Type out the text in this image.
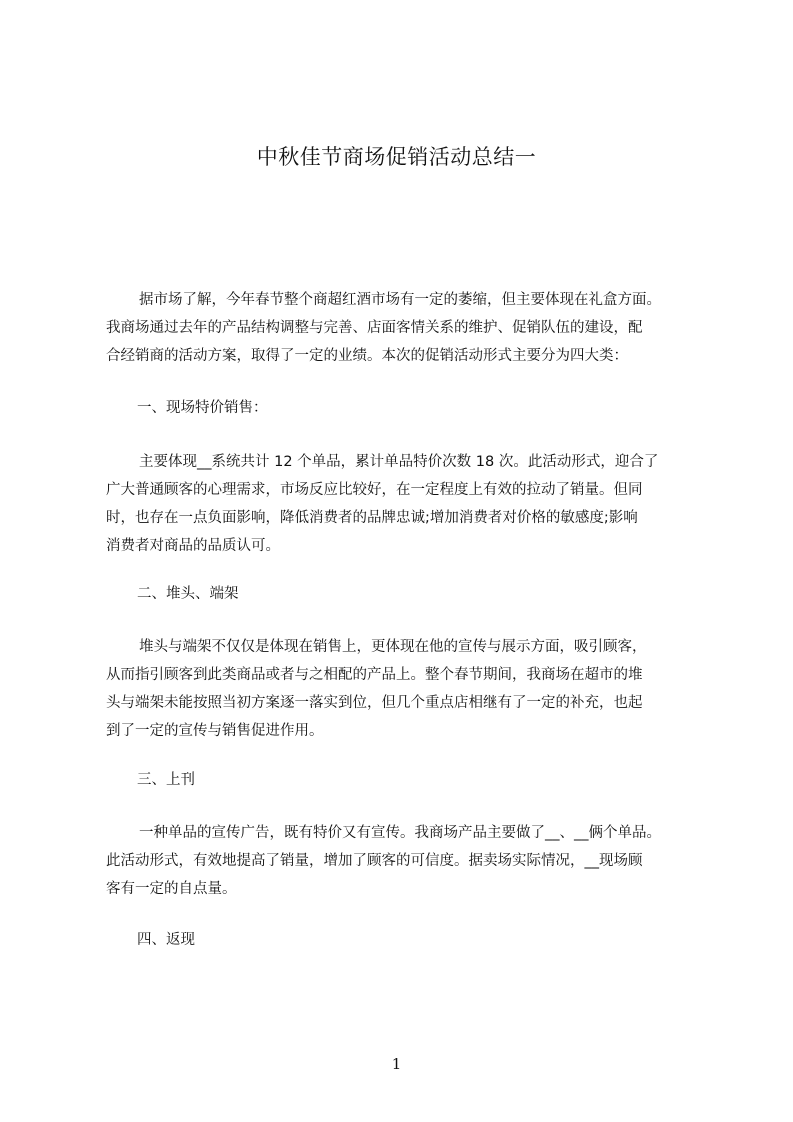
中秋佳节商场促销活动总结一
据市场了解，今年春节整个商超红酒市场有一定的萎缩，但主要体现在礼盒方面。
我商场通过去年的产品结构调整与完善、店面客情关系的维护、促销队伍的建设，配
合经销商的活动方案，取得了一定的业绩。本次的促销活动形式主要分为四大类：
一、现场特价销售：
主要体现__系统共计 12 个单品，累计单品特价次数 18 次。此活动形式，迎合了
广大普通顾客的心理需求，市场反应比较好，在一定程度上有效的拉动了销量。但同
时，也存在一点负面影响，降低消费者的品牌忠诚;增加消费者对价格的敏感度;影响
消费者对商品的品质认可。
二、堆头、端架
堆头与端架不仅仅是体现在销售上，更体现在他的宣传与展示方面，吸引顾客，
从而指引顾客到此类商品或者与之相配的产品上。整个春节期间，我商场在超市的堆
头与端架未能按照当初方案逐一落实到位，但几个重点店相继有了一定的补充，也起
到了一定的宣传与销售促进作用。
三、上刊
一种单品的宣传广告，既有特价又有宣传。我商场产品主要做了__、__俩个单品。
此活动形式，有效地提高了销量，增加了顾客的可信度。据卖场实际情况，__现场顾
客有一定的自点量。
四、返现
1
